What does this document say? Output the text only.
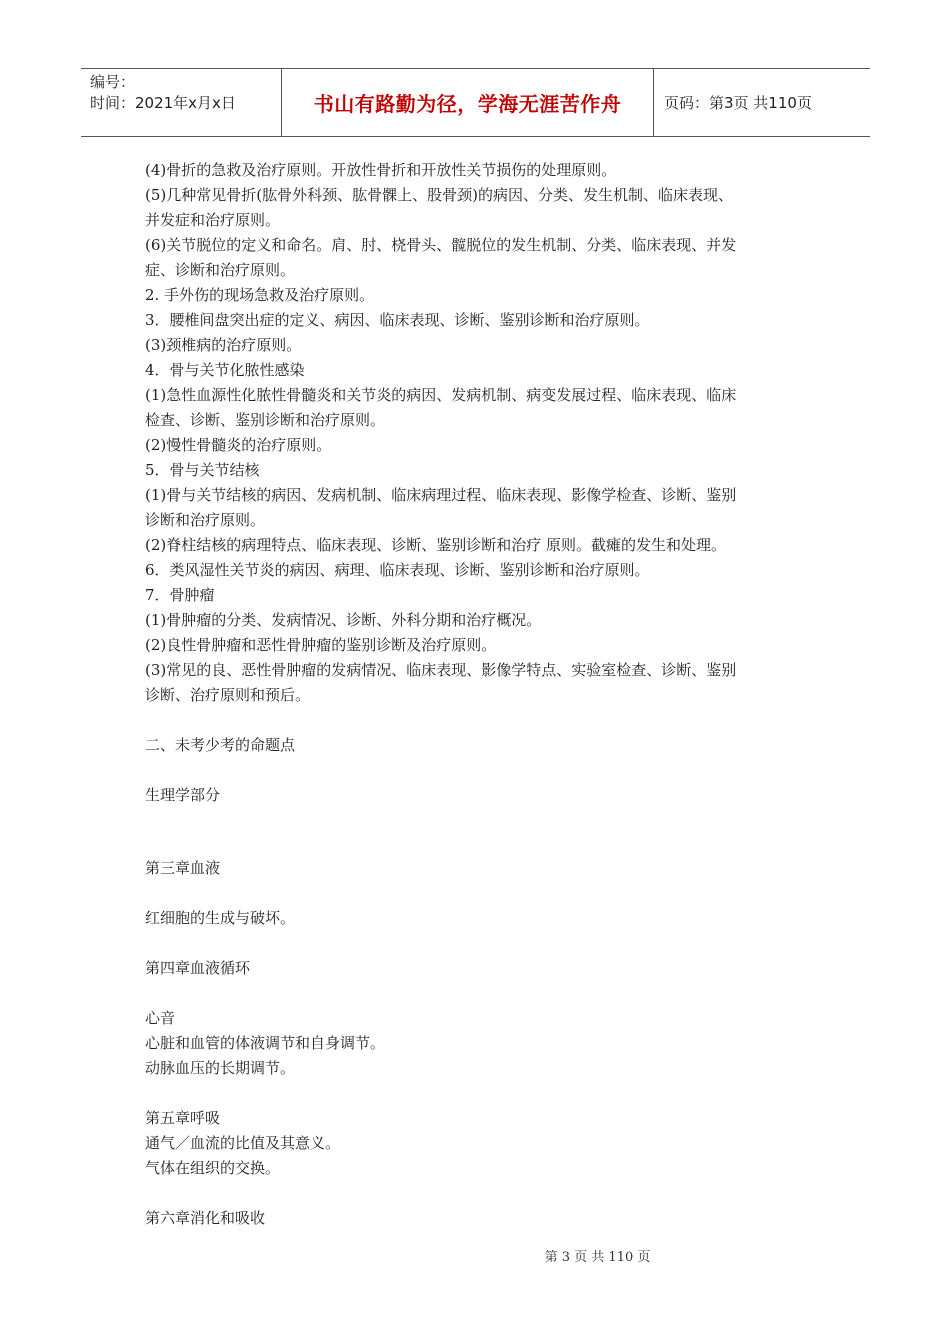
编号：
时间：2021年x月x日	书山有路勤为径，学海无涯苦作舟	页码：第3页 共110页
(4)骨折的急救及治疗原则。开放性骨折和开放性关节损伤的处理原则。
(5)几种常见骨折(肱骨外科颈、肱骨髁上、股骨颈)的病因、分类、发生机制、临床表现、
并发症和治疗原则。
(6)关节脱位的定义和命名。肩、肘、桡骨头、髋脱位的发生机制、分类、临床表现、并发
症、诊断和治疗原则。
2. 手外伤的现场急救及治疗原则。
3．腰椎间盘突出症的定义、病因、临床表现、诊断、鉴别诊断和治疗原则。
(3)颈椎病的治疗原则。
4．骨与关节化脓性感染
(1)急性血源性化脓性骨髓炎和关节炎的病因、发病机制、病变发展过程、临床表现、临床
检查、诊断、鉴别诊断和治疗原则。
(2)慢性骨髓炎的治疗原则。
5．骨与关节结核
(1)骨与关节结核的病因、发病机制、临床病理过程、临床表现、影像学检查、诊断、鉴别
诊断和治疗原则。
(2)脊柱结核的病理特点、临床表现、诊断、鉴别诊断和治疗 原则。截瘫的发生和处理。
6．类风湿性关节炎的病因、病理、临床表现、诊断、鉴别诊断和治疗原则。
7．骨肿瘤
(1)骨肿瘤的分类、发病情况、诊断、外科分期和治疗概况。
(2)良性骨肿瘤和恶性骨肿瘤的鉴别诊断及治疗原则。
(3)常见的良、恶性骨肿瘤的发病情况、临床表现、影像学特点、实验室检查、诊断、鉴别
诊断、治疗原则和预后。
二、未考少考的命题点
生理学部分
第三章血液
红细胞的生成与破坏。
第四章血液循环
心音
心脏和血管的体液调节和自身调节。
动脉血压的长期调节。
第五章呼吸
通气／血流的比值及其意义。
气体在组织的交换。
第六章消化和吸收
第 3 页 共 110 页
